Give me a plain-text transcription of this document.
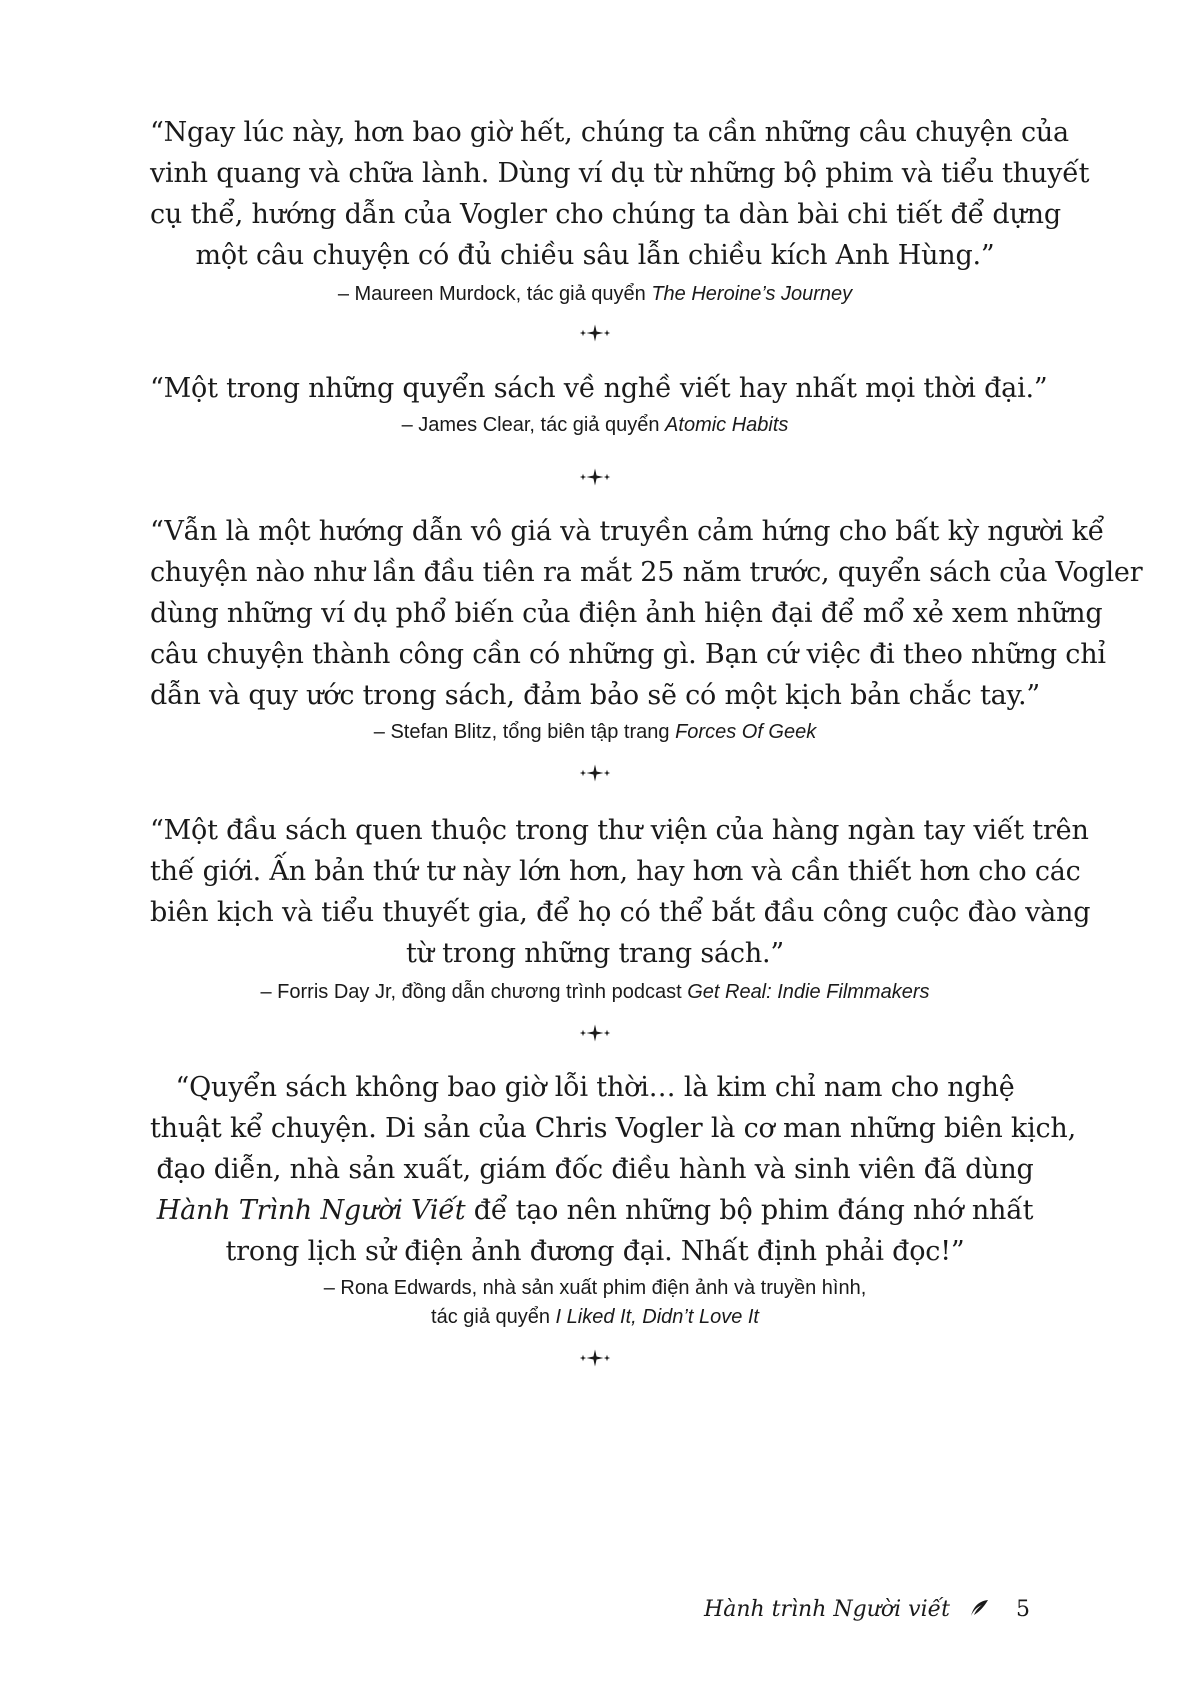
“Ngay lúc này, hơn bao giờ hết, chúng ta cần những câu chuyện của
vinh quang và chữa lành. Dùng ví dụ từ những bộ phim và tiểu thuyết
cụ thể, hướng dẫn của Vogler cho chúng ta dàn bài chi tiết để dựng
một câu chuyện có đủ chiều sâu lẫn chiều kích Anh Hùng.”
– Maureen Murdock, tác giả quyển The Heroine’s Journey
“Một trong những quyển sách về nghề viết hay nhất mọi thời đại.”
– James Clear, tác giả quyển Atomic Habits
“Vẫn là một hướng dẫn vô giá và truyền cảm hứng cho bất kỳ người kể
chuyện nào như lần đầu tiên ra mắt 25 năm trước, quyển sách của Vogler
dùng những ví dụ phổ biến của điện ảnh hiện đại để mổ xẻ xem những
câu chuyện thành công cần có những gì. Bạn cứ việc đi theo những chỉ
dẫn và quy ước trong sách, đảm bảo sẽ có một kịch bản chắc tay.”
– Stefan Blitz, tổng biên tập trang Forces Of Geek
“Một đầu sách quen thuộc trong thư viện của hàng ngàn tay viết trên
thế giới. Ấn bản thứ tư này lớn hơn, hay hơn và cần thiết hơn cho các
biên kịch và tiểu thuyết gia, để họ có thể bắt đầu công cuộc đào vàng
từ trong những trang sách.”
– Forris Day Jr, đồng dẫn chương trình podcast Get Real: Indie Filmmakers
“Quyển sách không bao giờ lỗi thời… là kim chỉ nam cho nghệ
thuật kể chuyện. Di sản của Chris Vogler là cơ man những biên kịch,
đạo diễn, nhà sản xuất, giám đốc điều hành và sinh viên đã dùng
Hành Trình Người Viết để tạo nên những bộ phim đáng nhớ nhất
trong lịch sử điện ảnh đương đại. Nhất định phải đọc!”
– Rona Edwards, nhà sản xuất phim điện ảnh và truyền hình,
tác giả quyển I Liked It, Didn’t Love It
Hành trình Người viết	5
